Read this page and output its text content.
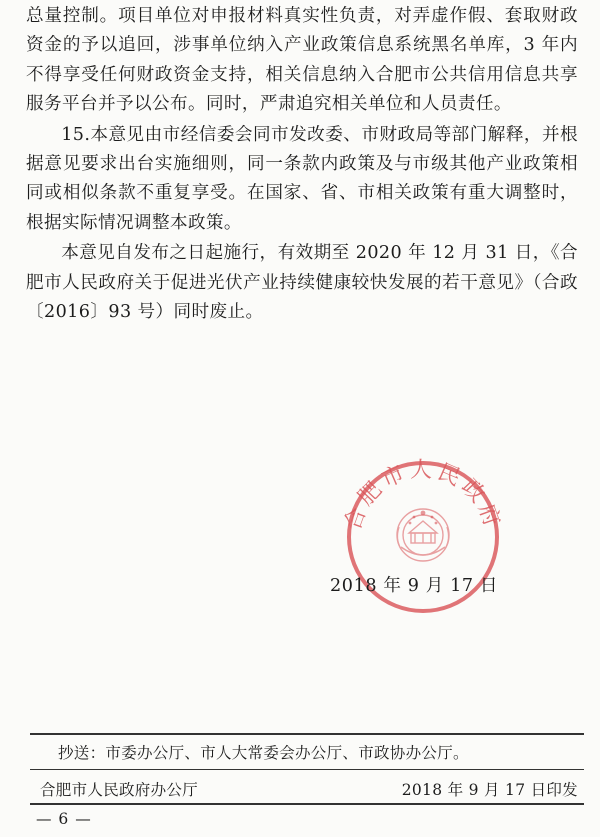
总量控制。项目单位对申报材料真实性负责，对弄虚作假、套取财政资金的予以追回，涉事单位纳入产业政策信息系统黑名单库，3 年内不得享受任何财政资金支持，相关信息纳入合肥市公共信用信息共享服务平台并予以公布。同时，严肃追究相关单位和人员责任。

15.本意见由市经信委会同市发改委、市财政局等部门解释，并根据意见要求出台实施细则，同一条款内政策及与市级其他产业政策相同或相似条款不重复享受。在国家、省、市相关政策有重大调整时，根据实际情况调整本政策。

本意见自发布之日起施行，有效期至 2020 年 12 月 31 日，《合肥市人民政府关于促进光伏产业持续健康较快发展的若干意见》（合政〔2016〕93 号）同时废止。

合肥市人民政府
2018 年 9 月 17 日
抄送：市委办公厅、市人大常委会办公厅、市政协办公厅。
合肥市人民政府办公厅	2018 年 9 月 17 日印发
— 6 —
